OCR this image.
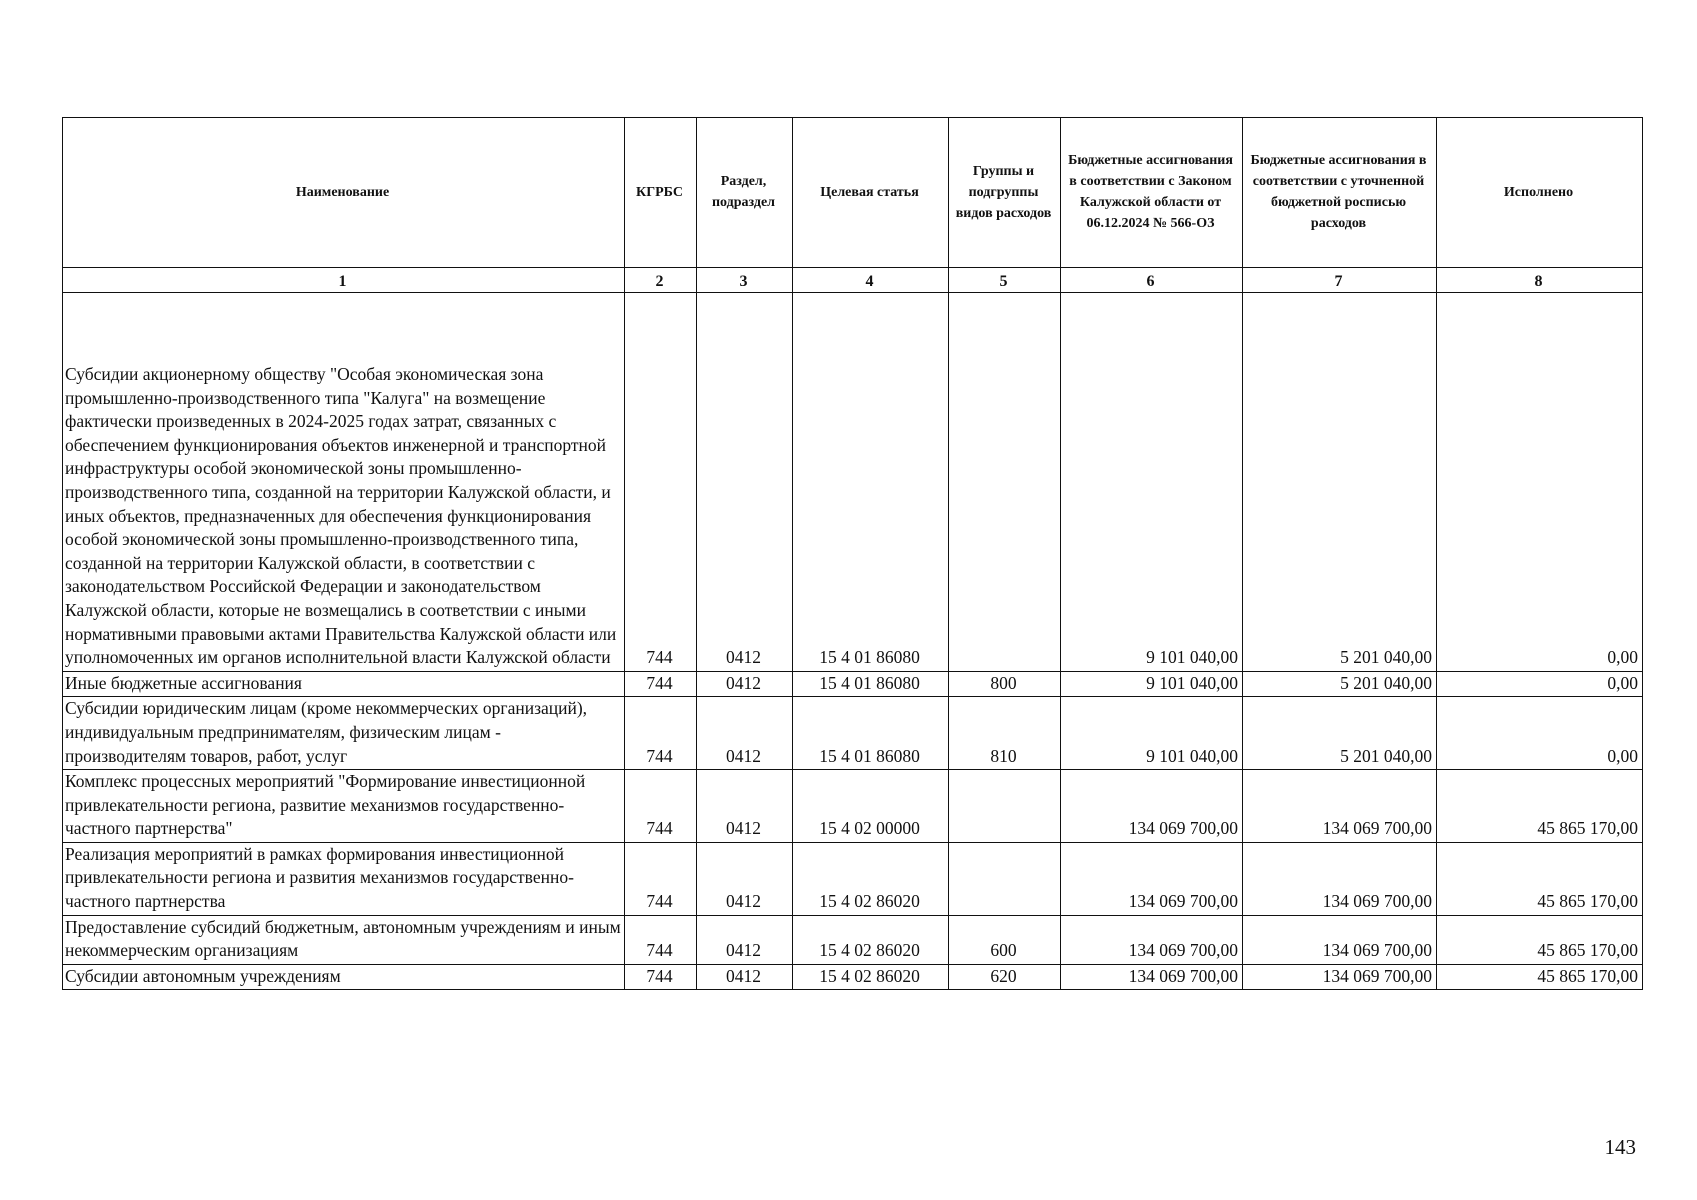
Наименование	КГРБС	Раздел, подраздел	Целевая статья	Группы и подгруппы видов расходов	Бюджетные ассигнования в соответствии с Законом Калужской области от 06.12.2024 № 566-ОЗ	Бюджетные ассигнования в соответствии с уточненной бюджетной росписью расходов	Исполнено
1	2	3	4	5	6	7	8
Субсидии акционерному обществу "Особая экономическая зона промышленно-производственного типа "Калуга" на возмещение фактически произведенных в 2024-2025 годах затрат, связанных с обеспечением функционирования объектов инженерной и транспортной инфраструктуры особой экономической зоны промышленно-производственного типа, созданной на территории Калужской области, и иных объектов, предназначенных для обеспечения функционирования особой экономической зоны промышленно-производственного типа, созданной на территории Калужской области, в соответствии с законодательством Российской Федерации и законодательством Калужской области, которые не возмещались в соответствии с иными нормативными правовыми актами Правительства Калужской области или уполномоченных им органов исполнительной власти Калужской области	744	0412	15 4 01 86080		9 101 040,00	5 201 040,00	0,00
Иные бюджетные ассигнования	744	0412	15 4 01 86080	800	9 101 040,00	5 201 040,00	0,00
Субсидии юридическим лицам (кроме некоммерческих организаций), индивидуальным предпринимателям, физическим лицам - производителям товаров, работ, услуг	744	0412	15 4 01 86080	810	9 101 040,00	5 201 040,00	0,00
Комплекс процессных мероприятий "Формирование инвестиционной привлекательности региона, развитие механизмов государственно-частного партнерства"	744	0412	15 4 02 00000		134 069 700,00	134 069 700,00	45 865 170,00
Реализация мероприятий в рамках формирования инвестиционной привлекательности региона и развития механизмов государственно-частного партнерства	744	0412	15 4 02 86020		134 069 700,00	134 069 700,00	45 865 170,00
Предоставление субсидий бюджетным, автономным учреждениям и иным некоммерческим организациям	744	0412	15 4 02 86020	600	134 069 700,00	134 069 700,00	45 865 170,00
Субсидии автономным учреждениям	744	0412	15 4 02 86020	620	134 069 700,00	134 069 700,00	45 865 170,00
143
